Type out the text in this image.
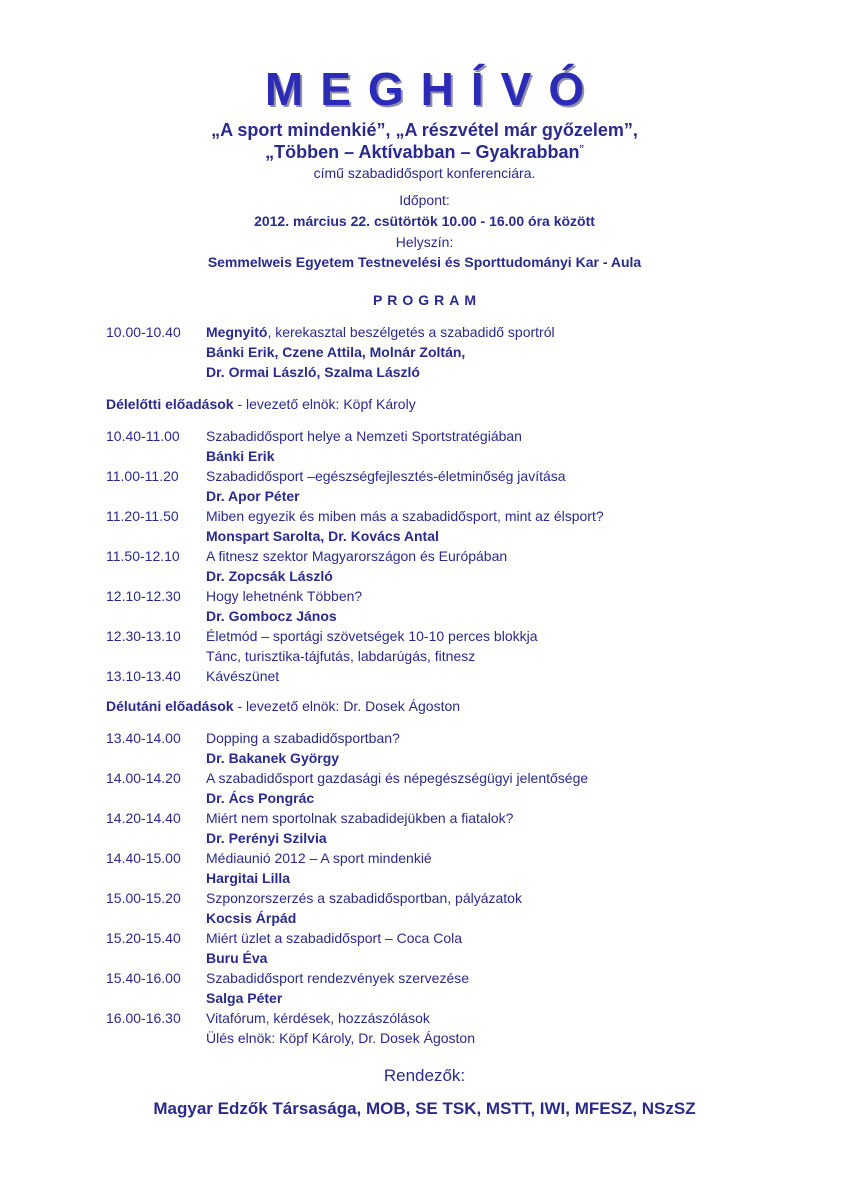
MEGHÍVÓ
„A sport mindenkié”, „A részvétel már győzelem”,
„Többen – Aktívabban – Gyakrabban”
című szabadidősport konferenciára.
Időpont:
2012. március 22. csütörtök 10.00 - 16.00 óra között
Helyszín:
Semmelweis Egyetem Testnevelési és Sporttudományi Kar - Aula
PROGRAM
10.00-10.40	Megnyitó, kerekasztal beszélgetés a szabadidő sportról
Bánki Erik, Czene Attila, Molnár Zoltán,
Dr. Ormai László, Szalma László
Délelőtti előadások - levezető elnök: Köpf Károly
10.40-11.00	Szabadidősport helye a Nemzeti Sportstratégiában
Bánki Erik
11.00-11.20	Szabadidősport –egészségfejlesztés-életminőség javítása
Dr. Apor Péter
11.20-11.50	Miben egyezik és miben más a szabadidősport, mint az élsport?
Monspart Sarolta, Dr. Kovács Antal
11.50-12.10	A fitnesz szektor Magyarországon és Európában
Dr. Zopcsák László
12.10-12.30	Hogy lehetnénk Többen?
Dr. Gombocz János
12.30-13.10	Életmód – sportági szövetségek 10-10 perces blokkja
Tánc, turisztika-tájfutás, labdarúgás, fitnesz
13.10-13.40	Kávészünet
Délutáni előadások - levezető elnök: Dr. Dosek Ágoston
13.40-14.00	Dopping a szabadidősportban?
Dr. Bakanek György
14.00-14.20	A szabadidősport gazdasági és népegészségügyi jelentősége
Dr. Ács Pongrác
14.20-14.40	Miért nem sportolnak szabadidejükben a fiatalok?
Dr. Perényi Szilvia
14.40-15.00	Médiaunió 2012 – A sport mindenkié
Hargitai Lilla
15.00-15.20	Szponzorszerzés a szabadidősportban, pályázatok
Kocsis Árpád
15.20-15.40	Miért üzlet a szabadidősport – Coca Cola
Buru Éva
15.40-16.00	Szabadidősport rendezvények szervezése
Salga Péter
16.00-16.30	Vitafórum, kérdések, hozzászólások
Ülés elnök: Köpf Károly, Dr. Dosek Ágoston
Rendezők:
Magyar Edzők Társasága, MOB, SE TSK, MSTT, IWI, MFESZ, NSzSZ
